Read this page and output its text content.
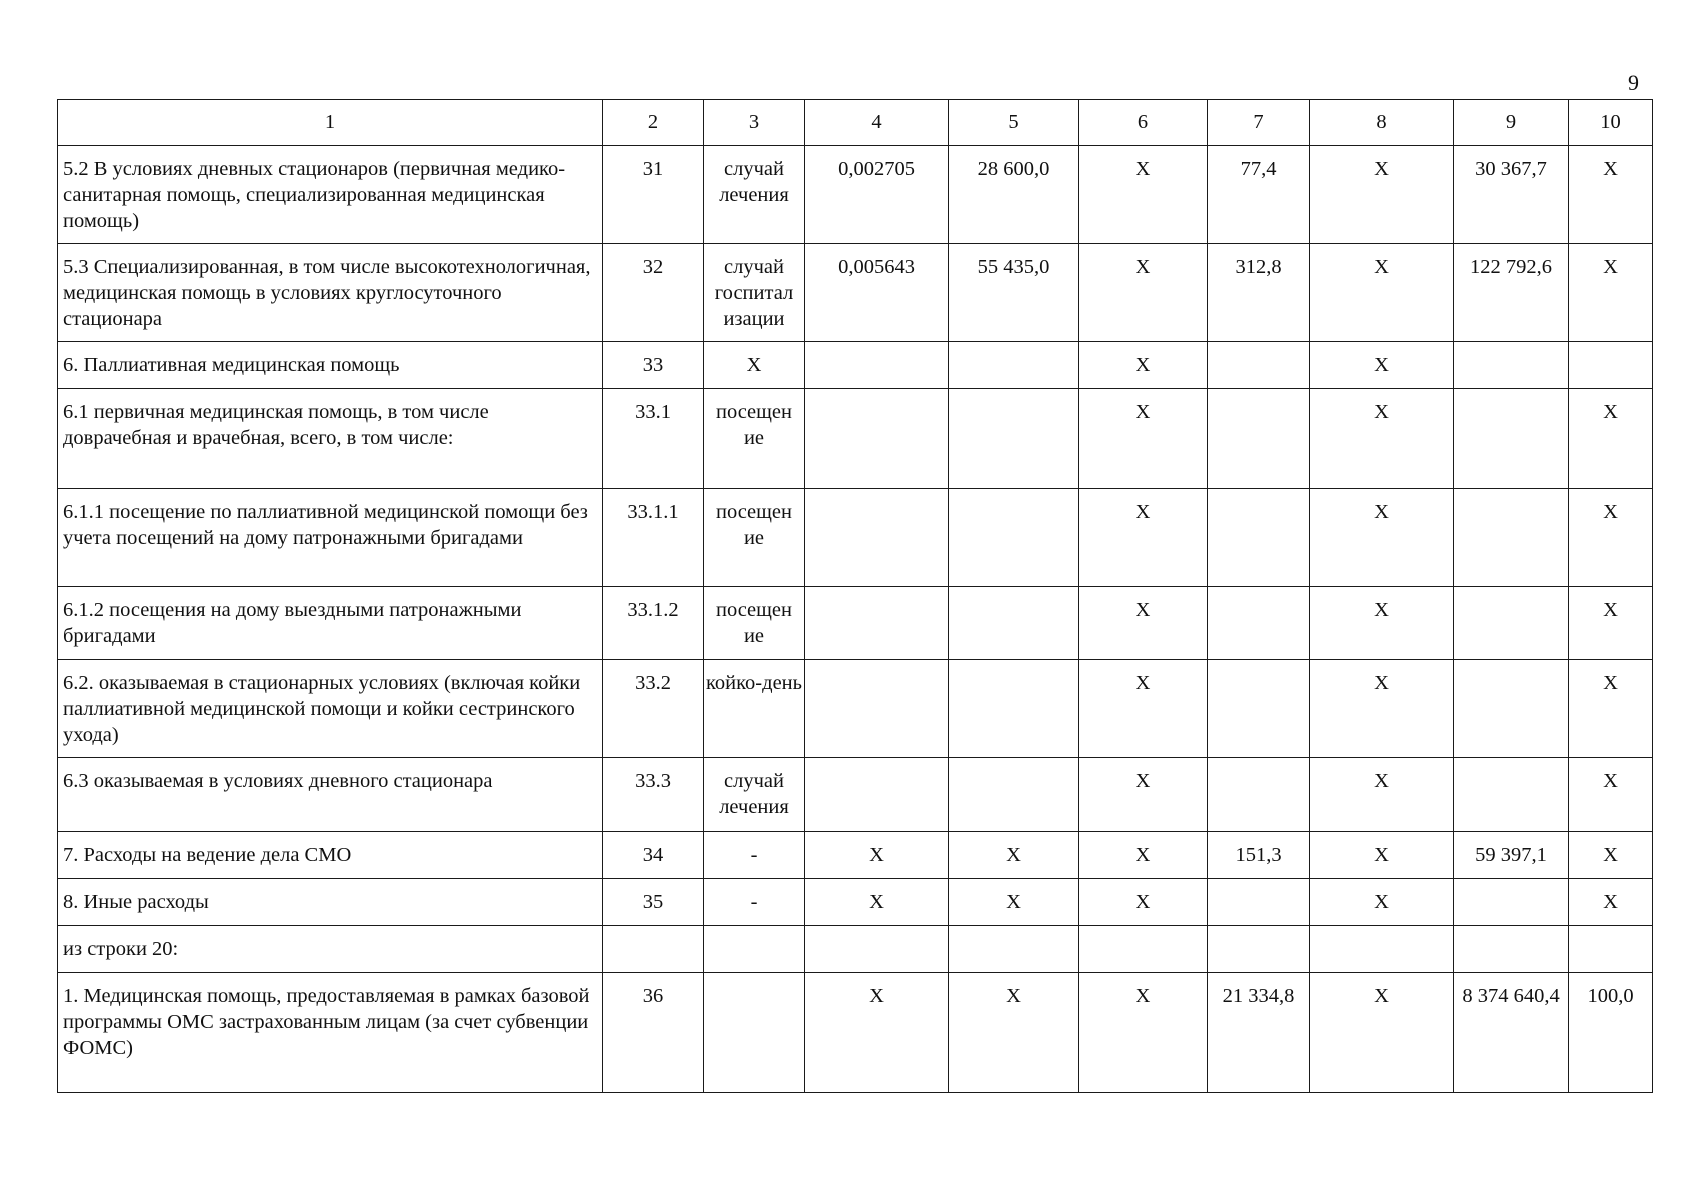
9
1	2	3	4	5	6	7	8	9	10
5.2 В условиях дневных стационаров (первичная медико-санитарная помощь, специализированная медицинская помощь)	31	случай лечения	0,002705	28 600,0	Х	77,4	Х	30 367,7	Х
5.3 Специализированная, в том числе высокотехнологичная, медицинская помощь в условиях круглосуточного стационара	32	случай госпитал изации	0,005643	55 435,0	Х	312,8	Х	122 792,6	Х
6. Паллиативная медицинская помощь	33	Х			Х		Х		
6.1 первичная медицинская помощь, в том числе доврачебная и врачебная, всего, в том числе:	33.1	посещен ие			Х		Х		Х
6.1.1 посещение по паллиативной медицинской помощи без учета посещений на дому патронажными бригадами	33.1.1	посещен ие			Х		Х		Х
6.1.2 посещения на дому выездными патронажными бригадами	33.1.2	посещен ие			Х		Х		Х
6.2. оказываемая в стационарных условиях (включая койки паллиативной медицинской помощи и койки сестринского ухода)	33.2	койко-день			Х		Х		Х
6.3 оказываемая в условиях дневного стационара	33.3	случай лечения			Х		Х		Х
7. Расходы на ведение дела СМО	34	-	Х	Х	Х	151,3	Х	59 397,1	Х
8. Иные расходы	35	-	Х	Х	Х		Х		Х
из строки 20:									
1. Медицинская помощь, предоставляемая в рамках базовой программы ОМС застрахованным лицам (за счет субвенции ФОМС)	36		Х	Х	Х	21 334,8	Х	8 374 640,4	100,0
